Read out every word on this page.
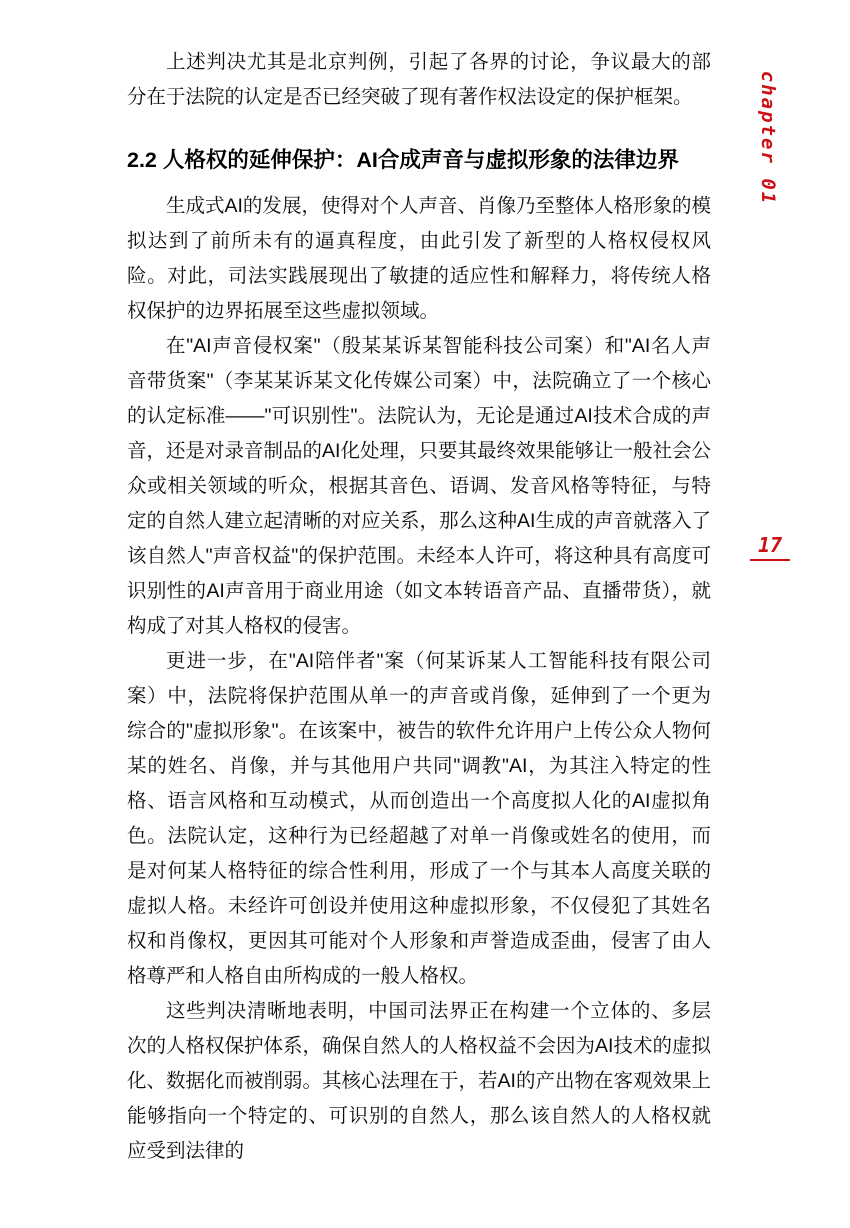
上述判决尤其是北京判例，引起了各界的讨论，争议最大的部分在于法院的认定是否已经突破了现有著作权法设定的保护框架。

2.2 人格权的延伸保护：AI合成声音与虚拟形象的法律边界

生成式AI的发展，使得对个人声音、肖像乃至整体人格形象的模拟达到了前所未有的逼真程度，由此引发了新型的人格权侵权风险。对此，司法实践展现出了敏捷的适应性和解释力，将传统人格权保护的边界拓展至这些虚拟领域。

在"AI声音侵权案"（殷某某诉某智能科技公司案）和"AI名人声音带货案"（李某某诉某文化传媒公司案）中，法院确立了一个核心的认定标准——"可识别性"。法院认为，无论是通过AI技术合成的声音，还是对录音制品的AI化处理，只要其最终效果能够让一般社会公众或相关领域的听众，根据其音色、语调、发音风格等特征，与特定的自然人建立起清晰的对应关系，那么这种AI生成的声音就落入了该自然人"声音权益"的保护范围。未经本人许可，将这种具有高度可识别性的AI声音用于商业用途（如文本转语音产品、直播带货），就构成了对其人格权的侵害。

更进一步，在"AI陪伴者"案（何某诉某人工智能科技有限公司案）中，法院将保护范围从单一的声音或肖像，延伸到了一个更为综合的"虚拟形象"。在该案中，被告的软件允许用户上传公众人物何某的姓名、肖像，并与其他用户共同"调教"AI，为其注入特定的性格、语言风格和互动模式，从而创造出一个高度拟人化的AI虚拟角色。法院认定，这种行为已经超越了对单一肖像或姓名的使用，而是对何某人格特征的综合性利用，形成了一个与其本人高度关联的虚拟人格。未经许可创设并使用这种虚拟形象，不仅侵犯了其姓名权和肖像权，更因其可能对个人形象和声誉造成歪曲，侵害了由人格尊严和人格自由所构成的一般人格权。

这些判决清晰地表明，中国司法界正在构建一个立体的、多层次的人格权保护体系，确保自然人的人格权益不会因为AI技术的虚拟化、数据化而被削弱。其核心法理在于，若AI的产出物在客观效果上能够指向一个特定的、可识别的自然人，那么该自然人的人格权就应受到法律的

chapter 01
17
